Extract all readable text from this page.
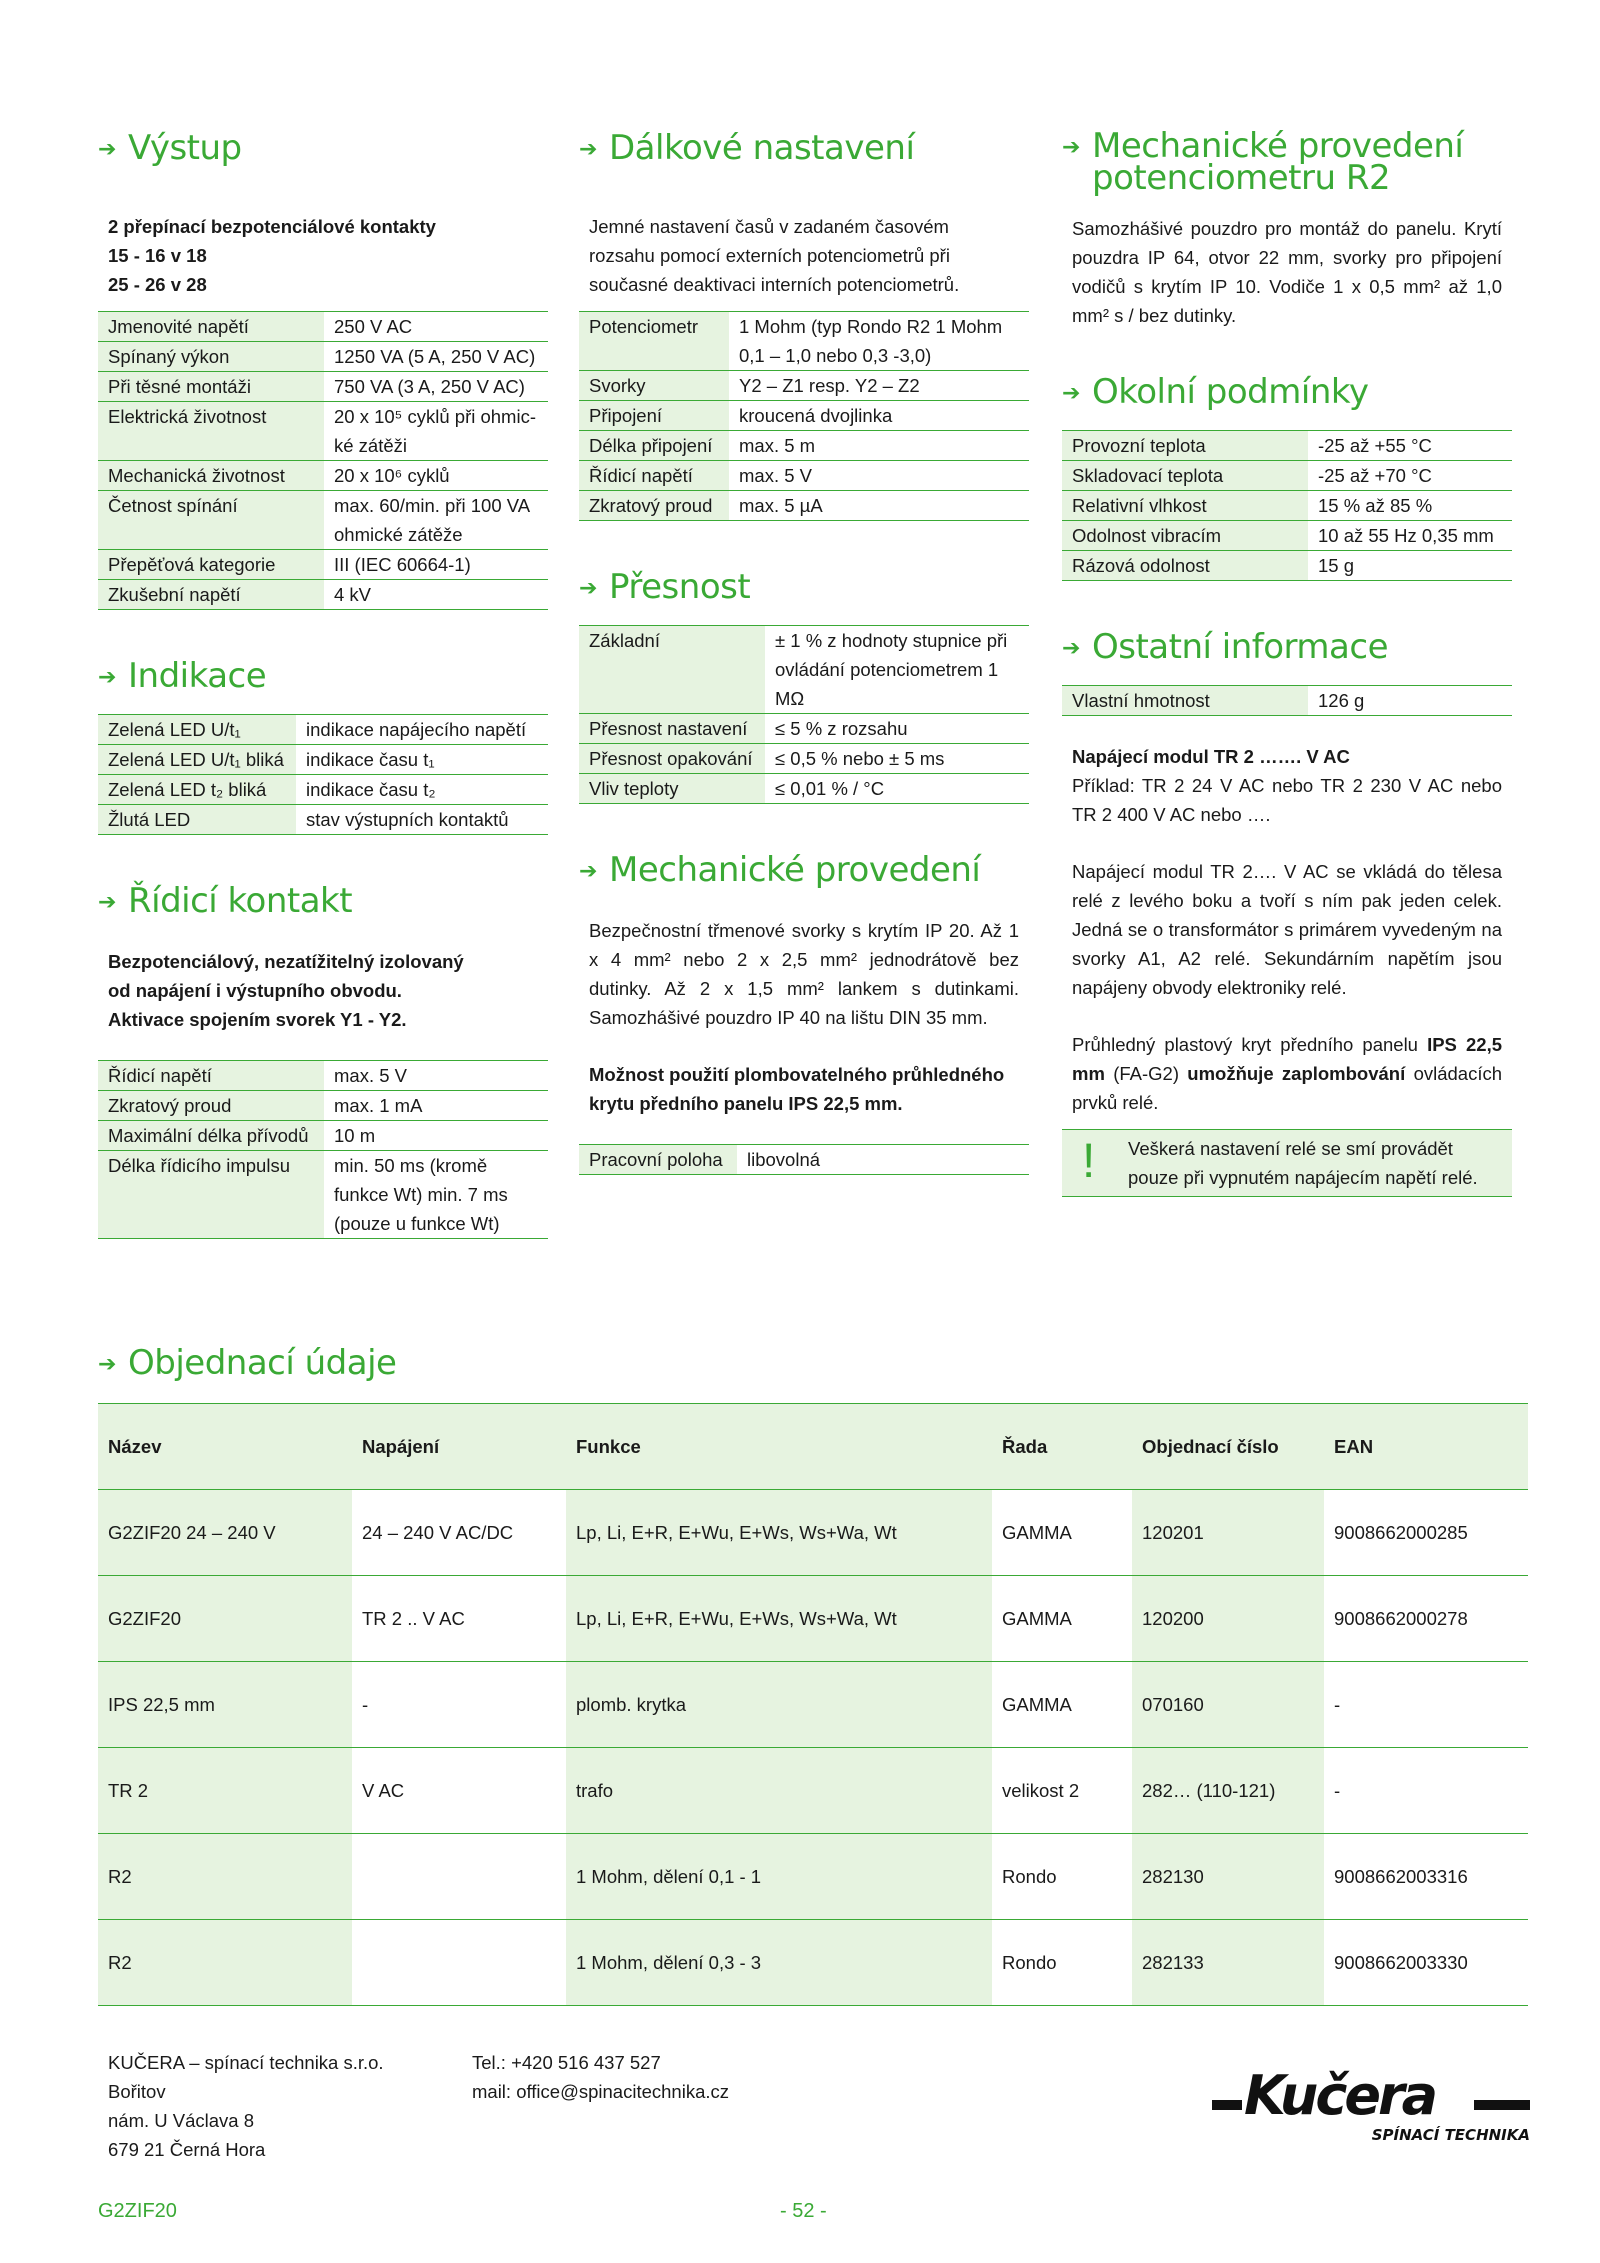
➔ Výstup
2 přepínací bezpotenciálové kontakty
15 - 16 v 18
25 - 26 v 28
Jmenovité napětí	250 V AC
Spínaný výkon	1250 VA (5 A, 250 V AC)
Při těsné montáži	750 VA (3 A, 250 V AC)
Elektrická životnost	20 x 10⁵ cyklů při ohmic-ké zátěži
Mechanická životnost	20 x 10⁶ cyklů
Četnost spínání	max. 60/min. při 100 VA ohmické zátěže
Přepěťová kategorie	III (IEC 60664-1)
Zkušební napětí	4 kV
➔ Indikace
Zelená LED U/t₁	indikace napájecího napětí
Zelená LED U/t₁ bliká	indikace času t₁
Zelená LED t₂ bliká	indikace času t₂
Žlutá LED	stav výstupních kontaktů
➔ Řídicí kontakt
Bezpotenciálový, nezatížitelný izolovaný
od napájení i výstupního obvodu.
Aktivace spojením svorek Y1 - Y2.
Řídicí napětí	max. 5 V
Zkratový proud	max. 1 mA
Maximální délka přívodů	10 m
Délka řídicího impulsu	min. 50 ms (kromě funkce Wt) min. 7 ms (pouze u funkce Wt)
➔ Dálkové nastavení

Jemné nastavení časů v zadaném časovém rozsahu pomocí externích potenciometrů při současné deaktivaci interních potenciometrů.

Potenciometr	1 Mohm (typ Rondo R2 1 Mohm 0,1 – 1,0 nebo 0,3 -3,0)
Svorky	Y2 – Z1 resp. Y2 – Z2
Připojení	kroucená dvojlinka
Délka připojení	max. 5 m
Řídicí napětí	max. 5 V
Zkratový proud	max. 5 µA
➔ Přesnost
Základní	± 1 % z hodnoty stupnice při ovládání potenciometrem 1 MΩ
Přesnost nastavení	≤ 5 % z rozsahu
Přesnost opakování	≤ 0,5 % nebo ± 5 ms
Vliv teploty	≤ 0,01 % / °C
➔ Mechanické provedení

Bezpečnostní třmenové svorky s krytím IP 20. Až 1 x 4 mm² nebo 2 x 2,5 mm² jednodrátově bez dutinky. Až 2 x 1,5 mm² lankem s dutinkami. Samozhášivé pouzdro IP 40 na lištu DIN 35 mm.

Možnost použití plombovatelného průhledného krytu předního panelu IPS 22,5 mm.

Pracovní poloha	libovolná
➔ Mechanické provedení
potenciometru R2

Samozhášivé pouzdro pro montáž do panelu. Krytí pouzdra IP 64, otvor 22 mm, svorky pro připojení vodičů s krytím IP 10. Vodiče 1 x 0,5 mm² až 1,0 mm² s / bez dutinky.

➔ Okolní podmínky
Provozní teplota	-25 až +55 °C
Skladovací teplota	-25 až +70 °C
Relativní vlhkost	15 % až 85 %
Odolnost vibracím	10 až 55 Hz 0,35 mm
Rázová odolnost	15 g
➔ Ostatní informace
Vlastní hmotnost	126 g

Napájecí modul TR 2 ……. V AC

Příklad: TR 2 24 V AC nebo TR 2 230 V AC nebo TR 2 400 V AC nebo ….

Napájecí modul TR 2…. V AC se vkládá do tělesa relé z levého boku a tvoří s ním pak jeden celek. Jedná se o transformátor s primárem vyvedeným na svorky A1, A2 relé. Sekundárním napětím jsou napájeny obvody elektroniky relé.

Průhledný plastový kryt předního panelu IPS 22,5 mm (FA-G2) umožňuje zaplombování ovládacích prvků relé.

! Veškerá nastavení relé se smí provádět pouze při vypnutém napájecím napětí relé.
➔ Objednací údaje
Název	Napájení	Funkce	Řada	Objednací číslo	EAN
G2ZIF20 24 – 240 V	24 – 240 V AC/DC	Lp, Li, E+R, E+Wu, E+Ws, Ws+Wa, Wt	GAMMA	120201	9008662000285
G2ZIF20	TR 2 .. V AC	Lp, Li, E+R, E+Wu, E+Ws, Ws+Wa, Wt	GAMMA	120200	9008662000278
IPS 22,5 mm	-	plomb. krytka	GAMMA	070160	-
TR 2	V AC	trafo	velikost 2	282… (110-121)	-
R2		1 Mohm, dělení 0,1 - 1	Rondo	282130	9008662003316
R2		1 Mohm, dělení 0,3 - 3	Rondo	282133	9008662003330
KUČERA – spínací technika s.r.o.
Bořitov
nám. U Václava 8
679 21 Černá Hora
Tel.: +420 516 437 527
mail: office@spinacitechnika.cz	Kučera
SPÍNACÍ TECHNIKA
G2ZIF20	- 52 -
